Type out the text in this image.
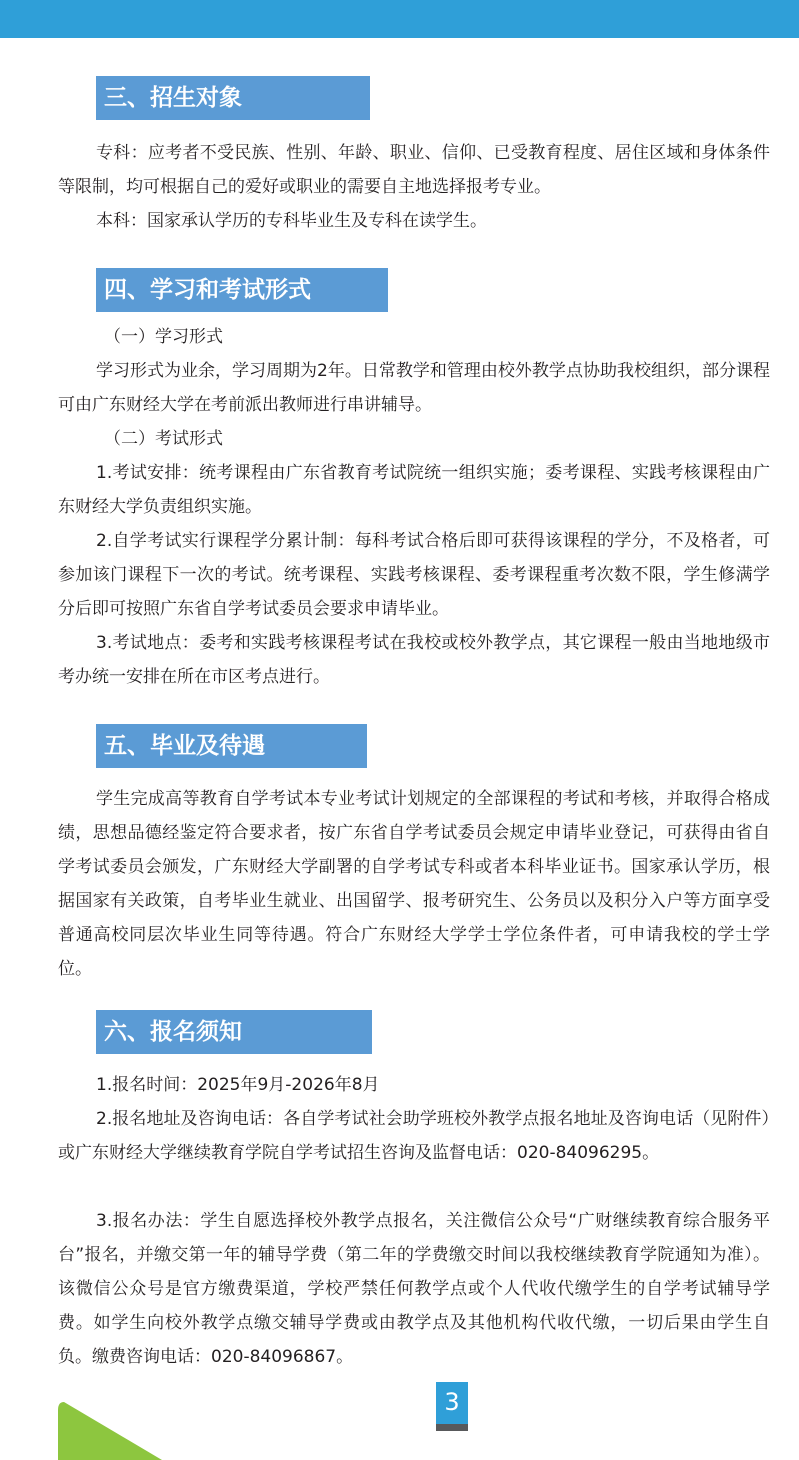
三、招生对象

专科：应考者不受民族、性别、年龄、职业、信仰、已受教育程度、居住区域和身体条件等限制，均可根据自己的爱好或职业的需要自主地选择报考专业。

本科：国家承认学历的专科毕业生及专科在读学生。

四、学习和考试形式

（一）学习形式

学习形式为业余，学习周期为2年。日常教学和管理由校外教学点协助我校组织，部分课程可由广东财经大学在考前派出教师进行串讲辅导。

（二）考试形式

1.考试安排：统考课程由广东省教育考试院统一组织实施；委考课程、实践考核课程由广东财经大学负责组织实施。

2.自学考试实行课程学分累计制：每科考试合格后即可获得该课程的学分，不及格者，可参加该门课程下一次的考试。统考课程、实践考核课程、委考课程重考次数不限，学生修满学分后即可按照广东省自学考试委员会要求申请毕业。

3.考试地点：委考和实践考核课程考试在我校或校外教学点，其它课程一般由当地地级市考办统一安排在所在市区考点进行。

五、毕业及待遇

学生完成高等教育自学考试本专业考试计划规定的全部课程的考试和考核，并取得合格成绩，思想品德经鉴定符合要求者，按广东省自学考试委员会规定申请毕业登记，可获得由省自学考试委员会颁发，广东财经大学副署的自学考试专科或者本科毕业证书。国家承认学历，根据国家有关政策，自考毕业生就业、出国留学、报考研究生、公务员以及积分入户等方面享受普通高校同层次毕业生同等待遇。符合广东财经大学学士学位条件者，可申请我校的学士学位。

六、报名须知

1.报名时间：2025年9月-2026年8月

2.报名地址及咨询电话：各自学考试社会助学班校外教学点报名地址及咨询电话（见附件）或广东财经大学继续教育学院自学考试招生咨询及监督电话：020-84096295。

3.报名办法：学生自愿选择校外教学点报名，关注微信公众号“广财继续教育综合服务平台”报名，并缴交第一年的辅导学费（第二年的学费缴交时间以我校继续教育学院通知为准）。该微信公众号是官方缴费渠道，学校严禁任何教学点或个人代收代缴学生的自学考试辅导学费。如学生向校外教学点缴交辅导学费或由教学点及其他机构代收代缴，一切后果由学生自负。缴费咨询电话：020-84096867。

3
